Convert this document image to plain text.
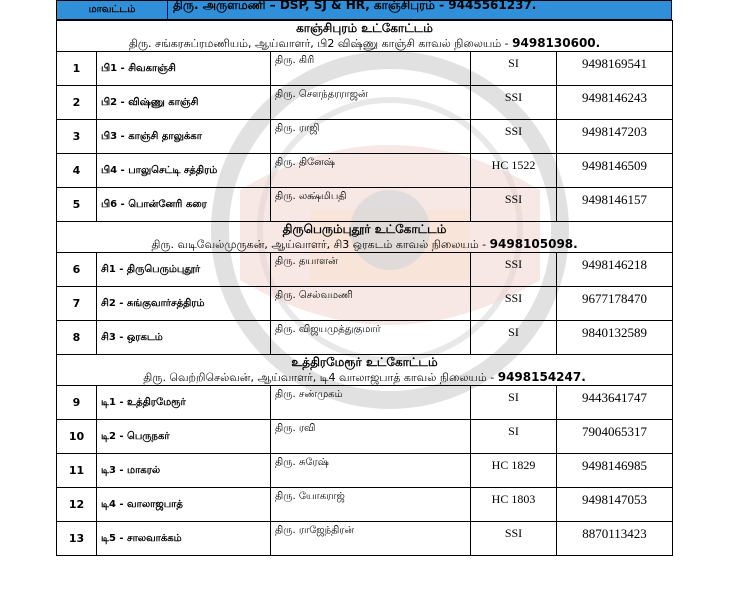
மாவட்டம்	திரு. அருளமணி – DSP, SJ & HR, காஞ்சிபுரம் - 9445561237.
காஞ்சிபுரம் உட்கோட்டம்
திரு. சங்கரசுப்ரமணியம், ஆய்வாளர், பி2 விஷ்ணு காஞ்சி காவல் நிலையம் - 9498130600.				

1	பி1 - சிவகாஞ்சி	திரு. கிரி	SI	9498169541
2	பி2 - விஷ்ணு காஞ்சி	திரு. சௌந்தரராஜன்	SSI	9498146243
3	பி3 - காஞ்சி தாலுக்கா	திரு. ராஜி	SSI	9498147203
4	பி4 - பாலுசெட்டி சத்திரம்	திரு. தினேஷ்	HC 1522	9498146509
5	பி6 - பொன்னேரி கரை	திரு. லக்ஷ்மிபதி	SSI	9498146157

திருபெரும்புதூர் உட்கோட்டம்
திரு. வடிவேல்முருகன், ஆய்வாளர், சி3 ஒரகடம் காவல் நிலையம் - 9498105098.				

6	சி1 - திருபெரும்புதூர்	திரு. தயாளன்	SSI	9498146218
7	சி2 - சுங்குவார்சத்திரம்	திரு. செல்வமணி	SSI	9677178470
8	சி3 - ஒரகடம்	திரு. விஜயமுத்துகுமார்	SI	9840132589

உத்திரமேரூர் உட்கோட்டம்
திரு. வெற்றிசெல்வன், ஆய்வாளர், டி4 வாலாஜபாத் காவல் நிலையம் - 9498154247.				

9	டி1 - உத்திரமேரூர்	திரு. சண்முகம்	SI	9443641747
10	டி2 - பெருநகர்	திரு. ரவி	SI	7904065317
11	டி3 - மாகரல்	திரு. சுரேஷ்	HC 1829	9498146985
12	டி4 - வாலாஜபாத்	திரு. யோகராஜ்	HC 1803	9498147053
13	டி5 - சாலவாக்கம்	திரு. ராஜேந்திரன்	SSI	8870113423
